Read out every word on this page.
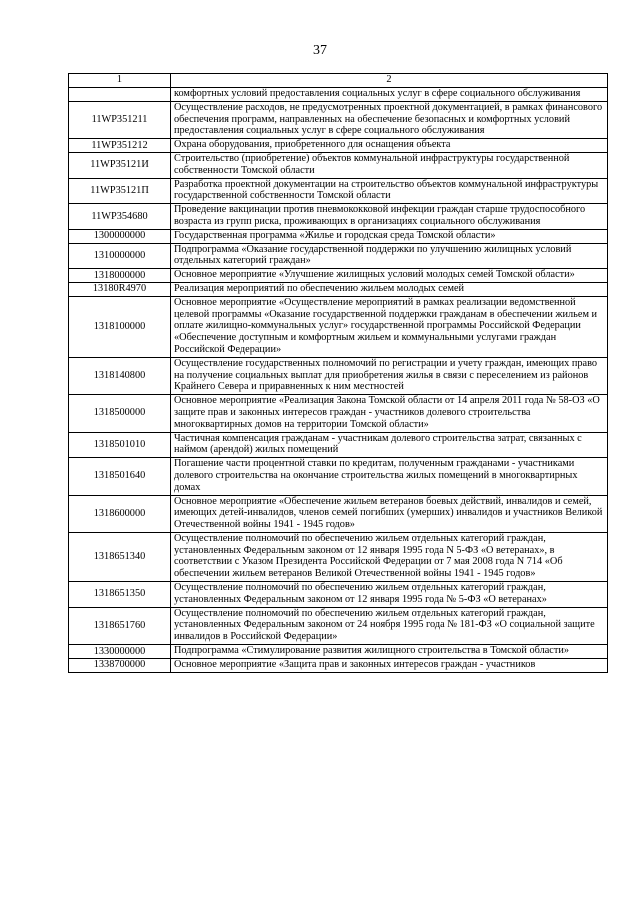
37
1	2
	комфортных условий предоставления социальных услуг в сфере социального обслуживания
11WP351211	Осуществление расходов, не предусмотренных проектной документацией, в рамках финансового обеспечения программ, направленных на обеспечение безопасных и комфортных условий предоставления социальных услуг в сфере социального обслуживания
11WP351212	Охрана оборудования, приобретенного для оснащения объекта
11WP35121И	Строительство (приобретение) объектов коммунальной инфраструктуры государственной собственности Томской области
11WP35121П	Разработка проектной документации на строительство объектов коммунальной инфраструктуры государственной собственности Томской области
11WP354680	Проведение вакцинации против пневмококковой инфекции граждан старше трудоспособного возраста из групп риска, проживающих в организациях социального обслуживания
1300000000	Государственная программа «Жилье и городская среда Томской области»
1310000000	Подпрограмма «Оказание государственной поддержки по улучшению жилищных условий отдельных категорий граждан»
1318000000	Основное мероприятие «Улучшение жилищных условий молодых семей Томской области»
13180R4970	Реализация мероприятий по обеспечению жильем молодых семей
1318100000	Основное мероприятие «Осуществление мероприятий в рамках реализации ведомственной целевой программы «Оказание государственной поддержки гражданам в обеспечении жильем и оплате жилищно-коммунальных услуг» государственной программы Российской Федерации «Обеспечение доступным и комфортным жильем и коммунальными услугами граждан Российской Федерации»
1318140800	Осуществление государственных полномочий по регистрации и учету граждан, имеющих право на получение социальных выплат для приобретения жилья в связи с переселением из районов Крайнего Севера и приравненных к ним местностей
1318500000	Основное мероприятие «Реализация Закона Томской области от 14 апреля 2011 года № 58-ОЗ «О защите прав и законных интересов граждан - участников долевого строительства многоквартирных домов на территории Томской области»
1318501010	Частичная компенсация гражданам - участникам долевого строительства затрат, связанных с наймом (арендой) жилых помещений
1318501640	Погашение части процентной ставки по кредитам, полученным гражданами - участниками долевого строительства на окончание строительства жилых помещений в многоквартирных домах
1318600000	Основное мероприятие «Обеспечение жильем ветеранов боевых действий, инвалидов и семей, имеющих детей-инвалидов, членов семей погибших (умерших) инвалидов и участников Великой Отечественной войны 1941 - 1945 годов»
1318651340	Осуществление полномочий по обеспечению жильем отдельных категорий граждан, установленных Федеральным законом от 12 января 1995 года N 5-ФЗ «О ветеранах», в соответствии с Указом Президента Российской Федерации от 7 мая 2008 года N 714 «Об обеспечении жильем ветеранов Великой Отечественной войны 1941 - 1945 годов»
1318651350	Осуществление полномочий по обеспечению жильем отдельных категорий граждан, установленных Федеральным законом от 12 января 1995 года № 5-ФЗ «О ветеранах»
1318651760	Осуществление полномочий по обеспечению жильем отдельных категорий граждан, установленных Федеральным законом от 24 ноября 1995 года № 181-ФЗ «О социальной защите инвалидов в Российской Федерации»
1330000000	Подпрограмма «Стимулирование развития жилищного строительства в Томской области»
1338700000	Основное мероприятие «Защита прав и законных интересов граждан - участников
